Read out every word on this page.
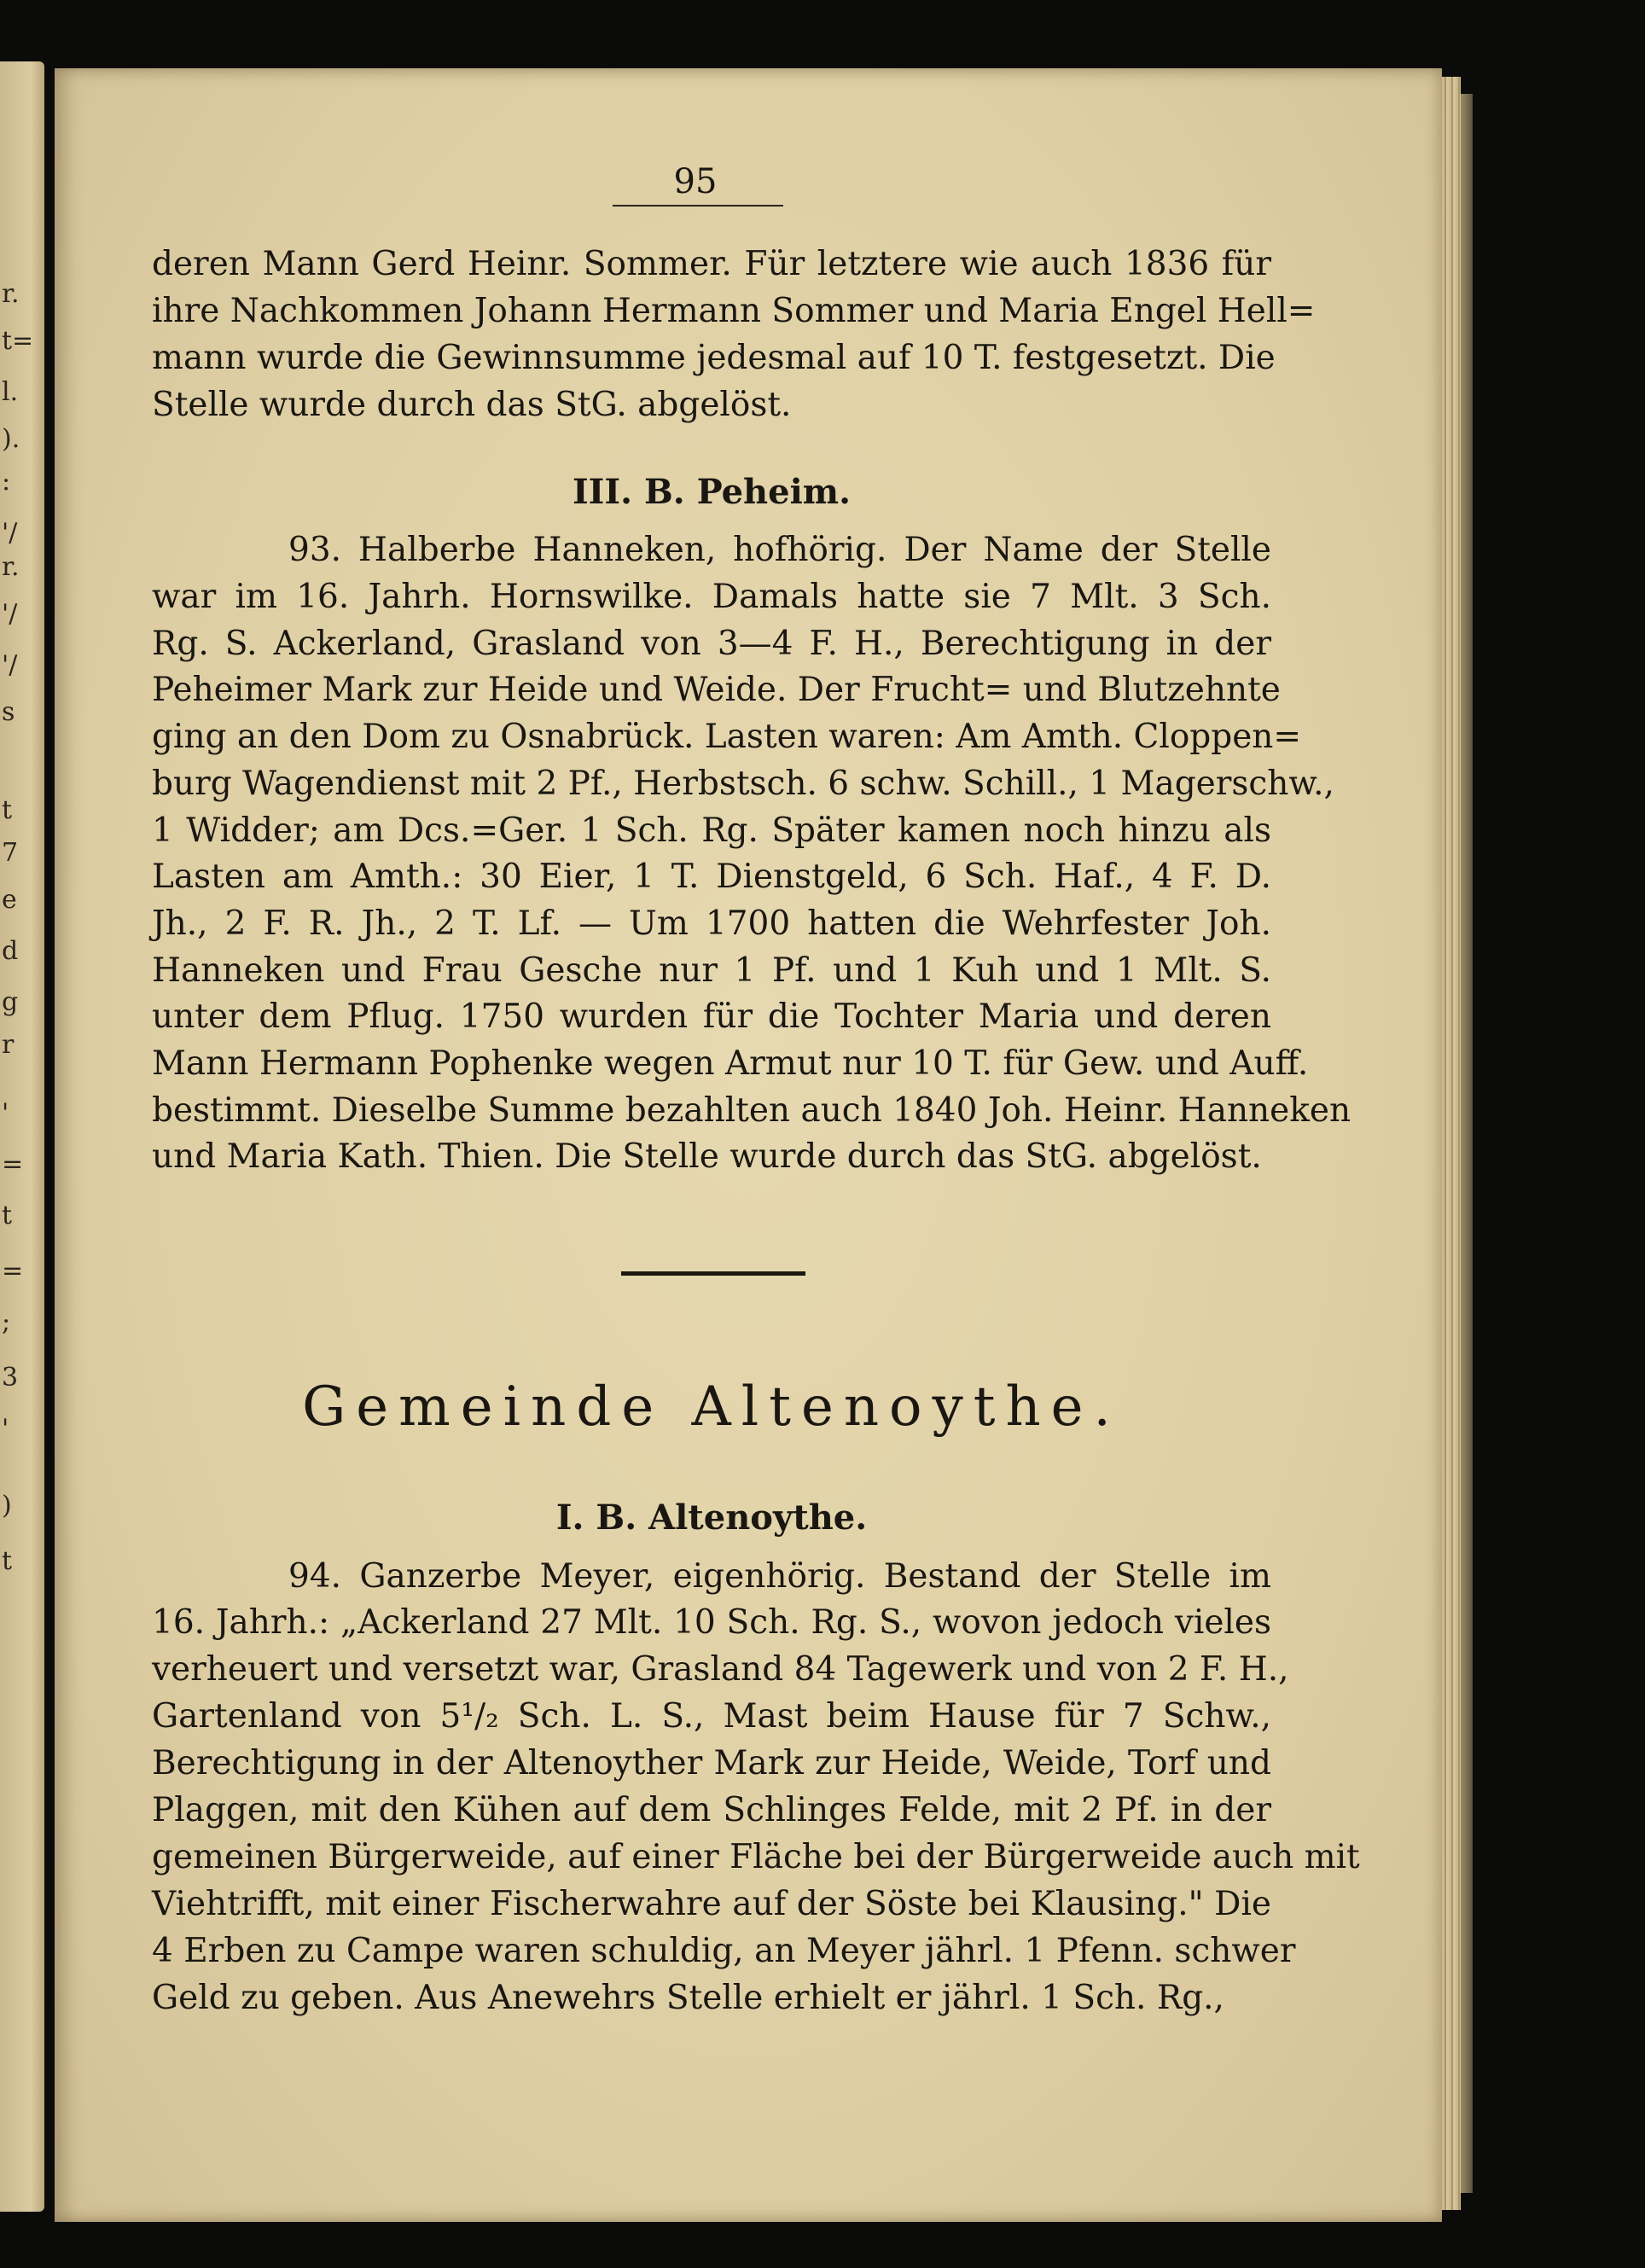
r.
t=
l.
).
:
'/
r.
'/
'/
s
t
7
e
d
g
r
'
=
t
=
;
3
'
)
t
95
deren Mann Gerd Heinr. Sommer. Für letztere wie auch 1836 für
ihre Nachkommen Johann Hermann Sommer und Maria Engel Hell=
mann wurde die Gewinnsumme jedesmal auf 10 T. festgesetzt. Die
Stelle wurde durch das StG. abgelöst.
III. B. Peheim.
93. Halberbe Hanneken, hofhörig. Der Name der Stelle
war im 16. Jahrh. Hornswilke. Damals hatte sie 7 Mlt. 3 Sch.
Rg. S. Ackerland, Grasland von 3—4 F. H., Berechtigung in der
Peheimer Mark zur Heide und Weide. Der Frucht= und Blutzehnte
ging an den Dom zu Osnabrück. Lasten waren: Am Amth. Cloppen=
burg Wagendienst mit 2 Pf., Herbstsch. 6 schw. Schill., 1 Magerschw.,
1 Widder; am Dcs.=Ger. 1 Sch. Rg. Später kamen noch hinzu als
Lasten am Amth.: 30 Eier, 1 T. Dienstgeld, 6 Sch. Haf., 4 F. D.
Jh., 2 F. R. Jh., 2 T. Lf. — Um 1700 hatten die Wehrfester Joh.
Hanneken und Frau Gesche nur 1 Pf. und 1 Kuh und 1 Mlt. S.
unter dem Pflug. 1750 wurden für die Tochter Maria und deren
Mann Hermann Pophenke wegen Armut nur 10 T. für Gew. und Auff.
bestimmt. Dieselbe Summe bezahlten auch 1840 Joh. Heinr. Hanneken
und Maria Kath. Thien. Die Stelle wurde durch das StG. abgelöst.
Gemeinde Altenoythe.
I. B. Altenoythe.
94. Ganzerbe Meyer, eigenhörig. Bestand der Stelle im
16. Jahrh.: „Ackerland 27 Mlt. 10 Sch. Rg. S., wovon jedoch vieles
verheuert und versetzt war, Grasland 84 Tagewerk und von 2 F. H.,
Gartenland von 5¹/₂ Sch. L. S., Mast beim Hause für 7 Schw.,
Berechtigung in der Altenoyther Mark zur Heide, Weide, Torf und
Plaggen, mit den Kühen auf dem Schlinges Felde, mit 2 Pf. in der
gemeinen Bürgerweide, auf einer Fläche bei der Bürgerweide auch mit
Viehtrifft, mit einer Fischerwahre auf der Söste bei Klausing." Die
4 Erben zu Campe waren schuldig, an Meyer jährl. 1 Pfenn. schwer
Geld zu geben. Aus Anewehrs Stelle erhielt er jährl. 1 Sch. Rg.,
